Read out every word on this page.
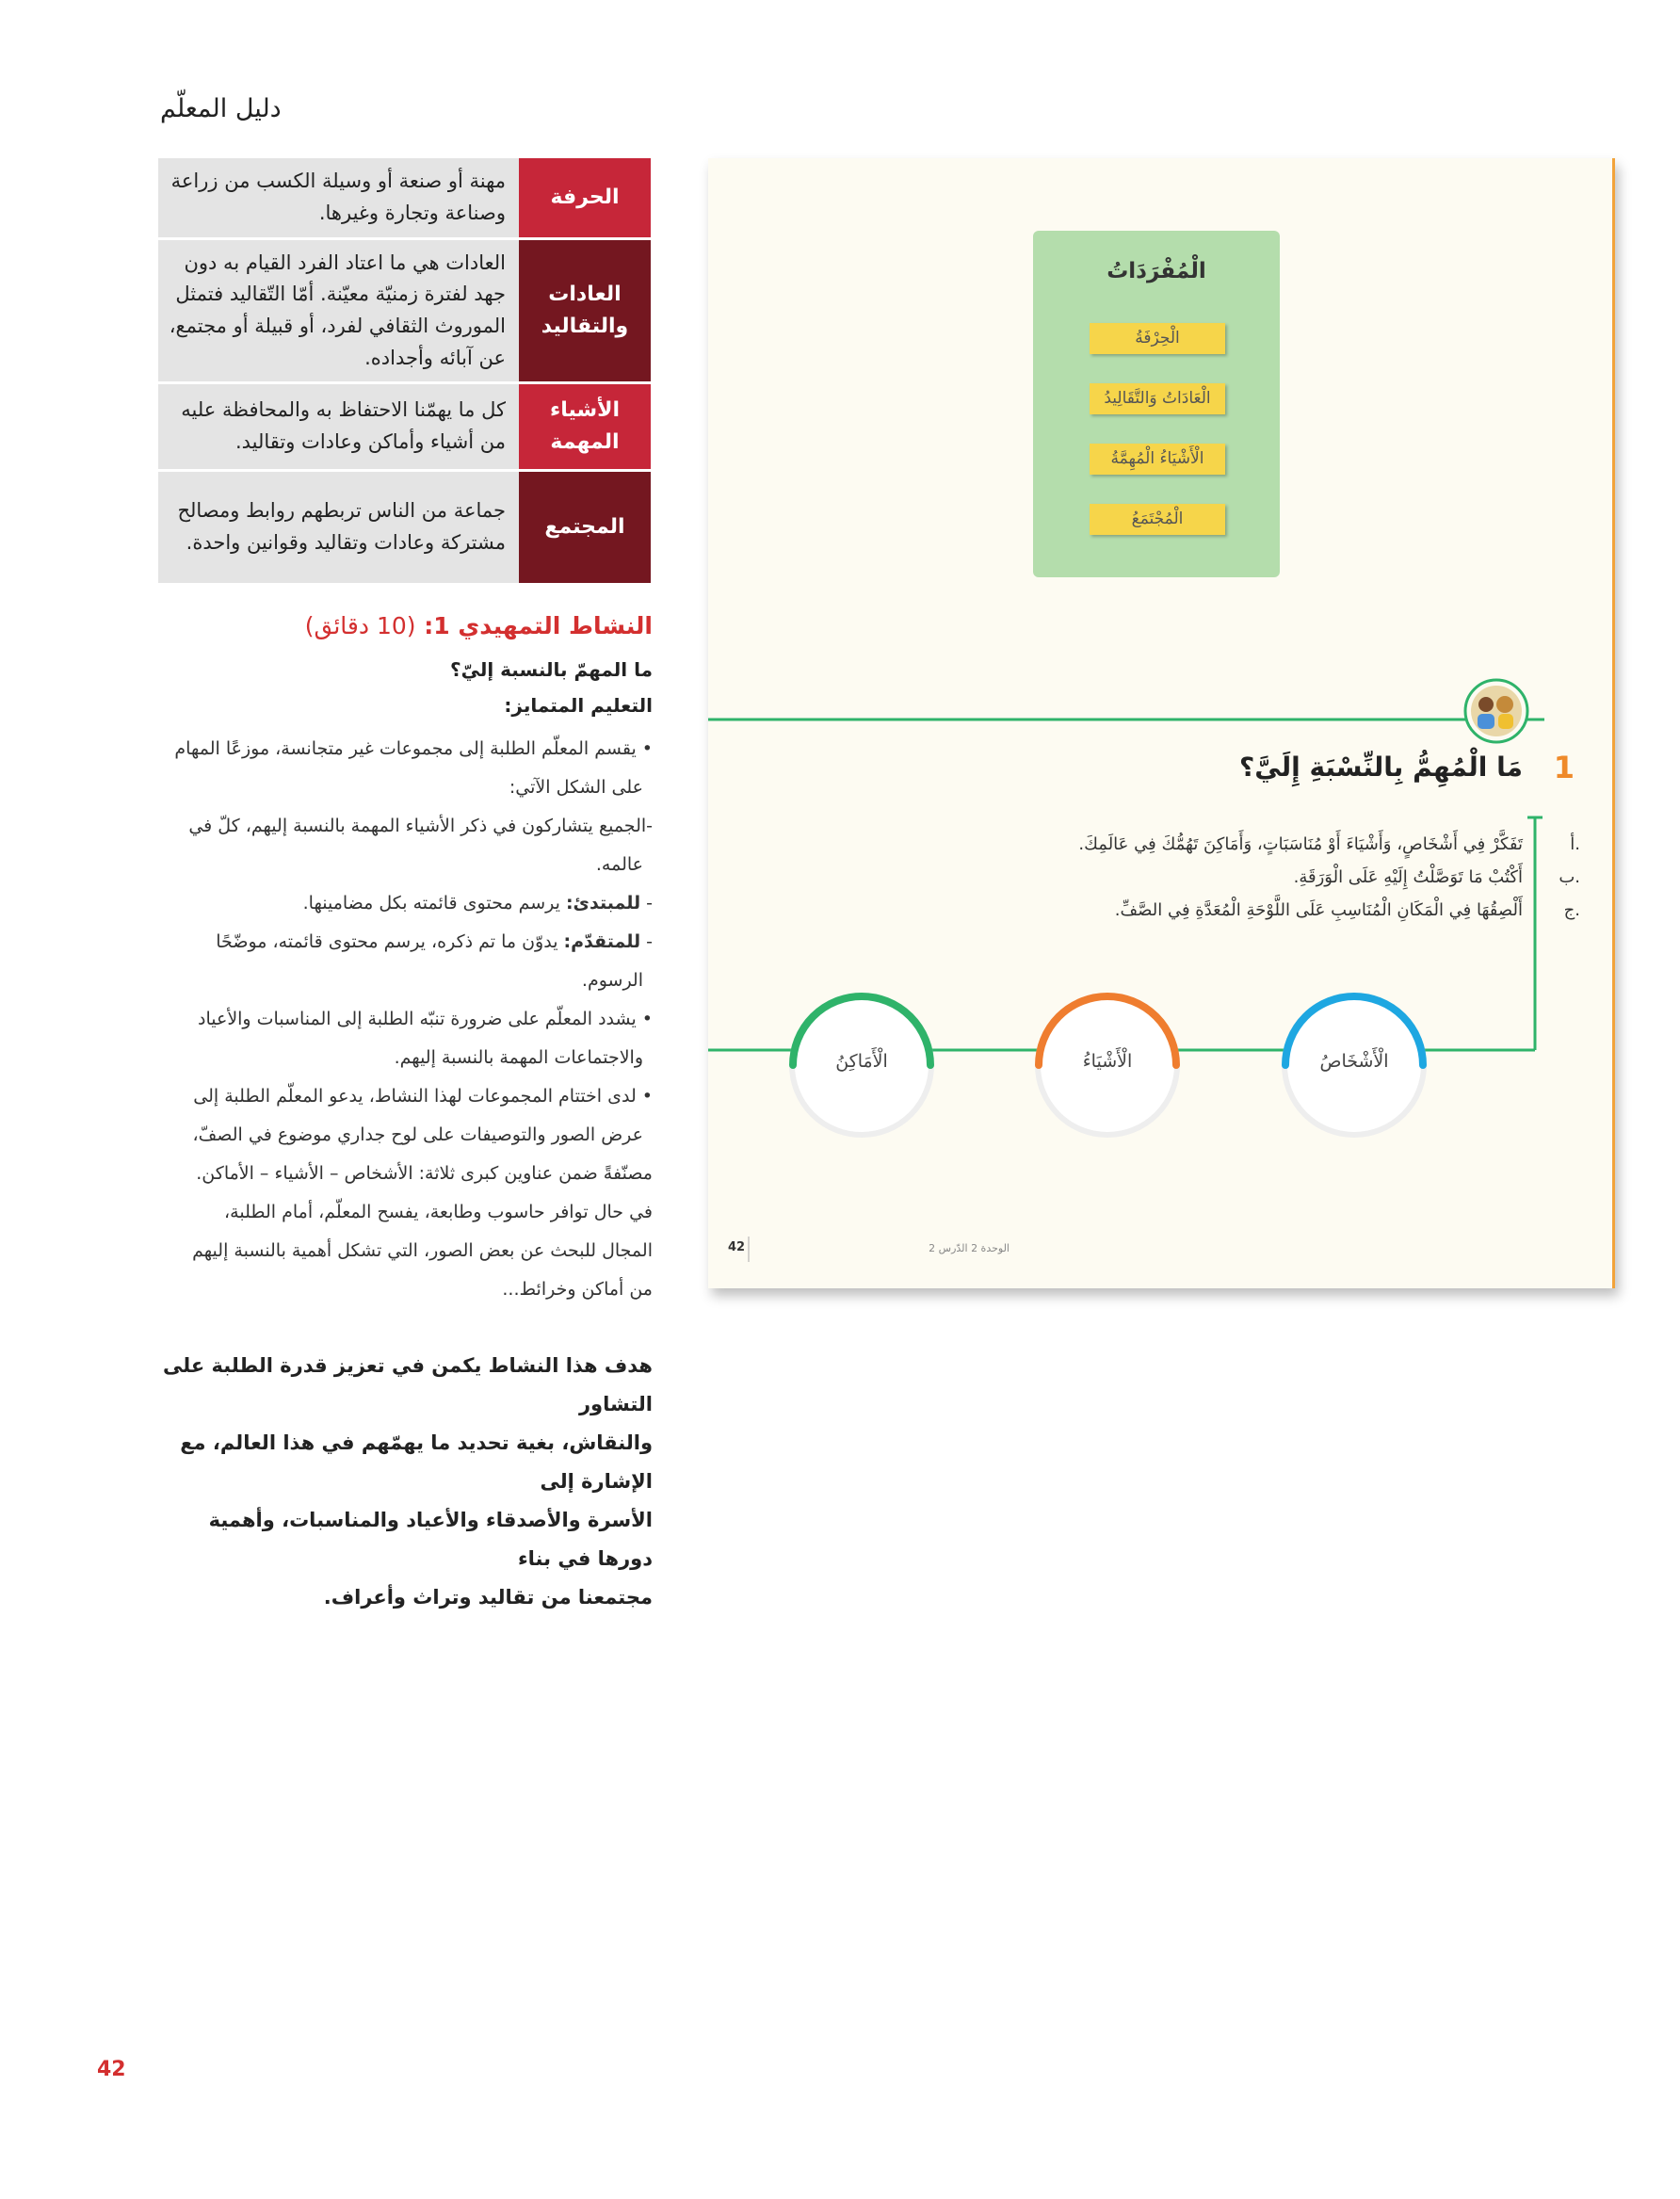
دليل المعلّم
الحرفة
مهنة أو صنعة أو وسيلة الكسب من زراعة وصناعة وتجارة وغيرها.
العادات والتقاليد
العادات هي ما اعتاد الفرد القيام به دون جهد لفترة زمنيّة معيّنة. أمّا التّقاليد فتمثل الموروث الثقافي لفرد، أو قبيلة أو مجتمع، عن آبائه وأجداده.
الأشياء المهمة
كل ما يهمّنا الاحتفاظ به والمحافظة عليه من أشياء وأماكن وعادات وتقاليد.
المجتمع
جماعة من الناس تربطهم روابط ومصالح مشتركة وعادات وتقاليد وقوانين واحدة.
النشاط التمهيدي 1: (10 دقائق)
ما المهمّ بالنسبة إليّ؟
التعليم المتمايز:

• يقسم المعلّم الطلبة إلى مجموعات غير متجانسة، موزعًا المهام

على الشكل الآتي:

-الجميع يتشاركون في ذكر الأشياء المهمة بالنسبة إليهم، كلّ في

عالمه.

- للمبتدئ: يرسم محتوى قائمته بكل مضامينها.

- للمتقدّم: يدوّن ما تم ذكره، يرسم محتوى قائمته، موضّحًا

الرسوم.

• يشدد المعلّم على ضرورة تنبّه الطلبة إلى المناسبات والأعياد

والاجتماعات المهمة بالنسبة إليهم.

• لدى اختتام المجموعات لهذا النشاط، يدعو المعلّم الطلبة إلى

عرض الصور والتوصيفات على لوح جداري موضوع في الصفّ،

مصنّفةً ضمن عناوين كبرى ثلاثة: الأشخاص – الأشياء – الأماكن.

في حال توافر حاسوب وطابعة، يفسح المعلّم، أمام الطلبة،

المجال للبحث عن بعض الصور، التي تشكل أهمية بالنسبة إليهم

من أماكن وخرائط...

هدف هذا النشاط يكمن في تعزيز قدرة الطلبة على التشاور
والنقاش، بغية تحديد ما يهمّهم في هذا العالم، مع الإشارة إلى
الأسرة والأصدقاء والأعياد والمناسبات، وأهمية دورها في بناء
مجتمعنا من تقاليد وتراث وأعراف.
42
الْمُفْرَدَاتُ
الْحِرْفَةُ
الْعَادَاتُ وَالتَّقَالِيدُ
الْأَشْيَاءُ الْمُهِمَّةُ
الْمُجْتَمَعُ
1
مَا الْمُهِمُّ بِالنِّسْبَةِ إِلَيَّ؟
أ.
تَفَكَّرْ فِي أَشْخَاصٍ، وَأَشْيَاءَ أَوْ مُنَاسَبَاتٍ، وَأَمَاكِنَ تَهُمُّكَ فِي عَالَمِكَ.
ب.
أَكْتُبْ مَا تَوَصَّلْتُ إِلَيْهِ عَلَى الْوَرَقَةِ.
ج.
أَلْصِقُهَا فِي الْمَكَانِ الْمُنَاسِبِ عَلَى اللَّوْحَةِ الْمُعَدَّةِ فِي الصَّفِّ.
الْأَمَاكِنُ	الْأَشْيَاءُ	الْأَشْخَاصُ
42	الوحدة 2 الدّرس 2
